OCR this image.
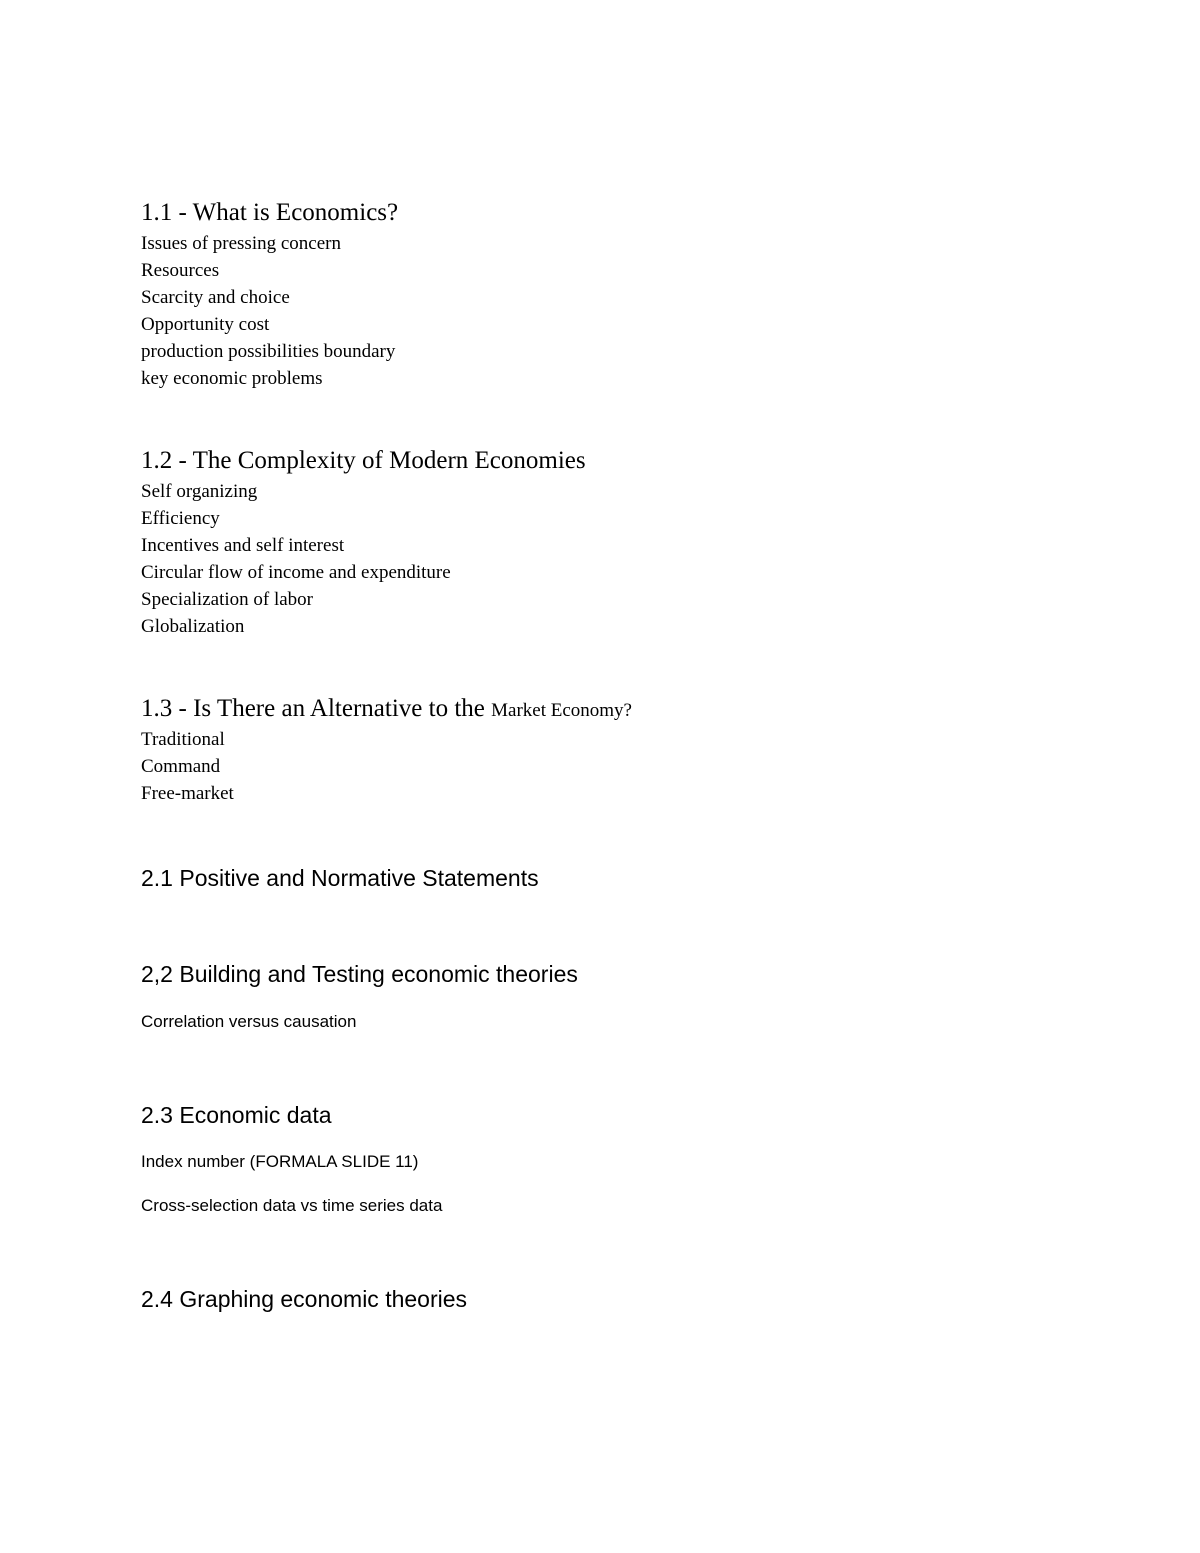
1.1 - What is Economics?
Issues of pressing concern
Resources
Scarcity and choice
Opportunity cost
production possibilities boundary
key economic problems
1.2 - The Complexity of Modern Economies
Self organizing
Efficiency
Incentives and self interest
Circular flow of income and expenditure
Specialization of labor
Globalization
1.3 - Is There an Alternative to the Market Economy?
Traditional
Command
Free-market
2.1 Positive and Normative Statements
2,2 Building and Testing economic theories
Correlation versus causation
2.3 Economic data
Index number (FORMALA SLIDE 11)
Cross-selection data vs time series data
2.4 Graphing economic theories
